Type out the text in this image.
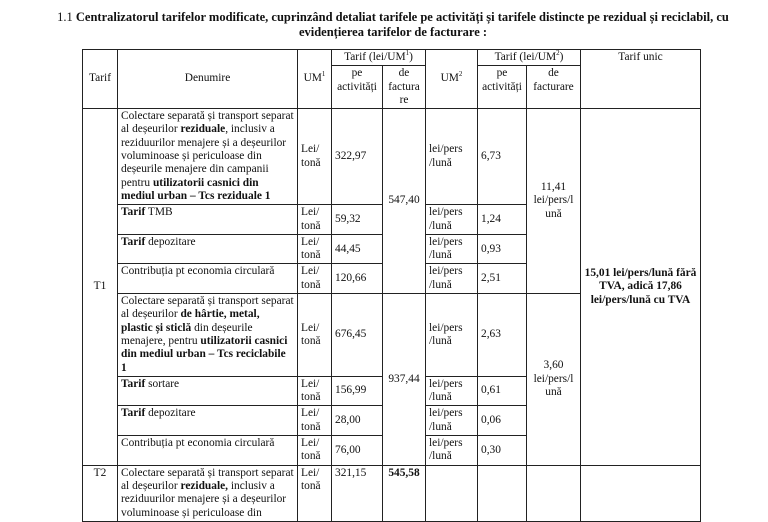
1.1 Centralizatorul tarifelor modificate, cuprinzând detaliat tarifele pe activități și tarifele distincte pe rezidual și reciclabil, cu evidențierea tarifelor de facturare :
Tarif	Denumire	$UM^1$	Tarif $(lei/UM^1)$		$UM^2$	Tarif $(lei/UM^2)$		Tarif unic
			pe activități	de factura re		pe activități	de facturare	
T1	Colectare separată și transport separat al deșeurilor reziduale, inclusiv a reziduurilor menajere și a deșeurilor voluminoase și periculoase din deșeurile menajere din campanii pentru utilizatorii casnici din mediul urban – Tcs reziduale 1	Lei/ tonă	322,97	547,40	lei/pers /lună	6,73	11,41 lei/pers/l ună	15,01 lei/pers/lună fără TVA, adică 17,86 lei/pers/lună cu TVA
	Tarif TMB	Lei/ tonă	59,32		lei/pers /lună	1,24		
	Tarif depozitare	Lei/ tonă	44,45		lei/pers /lună	0,93		
	Contribuția pt economia circulară	Lei/ tonă	120,66		lei/pers /lună	2,51		
	Colectare separată și transport separat al deșeurilor de hârtie, metal, plastic și sticlă din deșeurile menajere, pentru utilizatorii casnici din mediul urban – Tcs reciclabile 1	Lei/ tonă	676,45	937,44	lei/pers /lună	2,63	3,60 lei/pers/l ună	
	Tarif sortare	Lei/ tonă	156,99		lei/pers /lună	0,61		
	Tarif depozitare	Lei/ tonă	28,00		lei/pers /lună	0,06		
	Contribuția pt economia circulară	Lei/ tonă	76,00		lei/pers /lună	0,30		
T2	Colectare separată și transport separat al deșeurilor reziduale, inclusiv a reziduurilor menajere și a deșeurilor voluminoase și periculoase din	Lei/ tonă	321,15	545,58				
